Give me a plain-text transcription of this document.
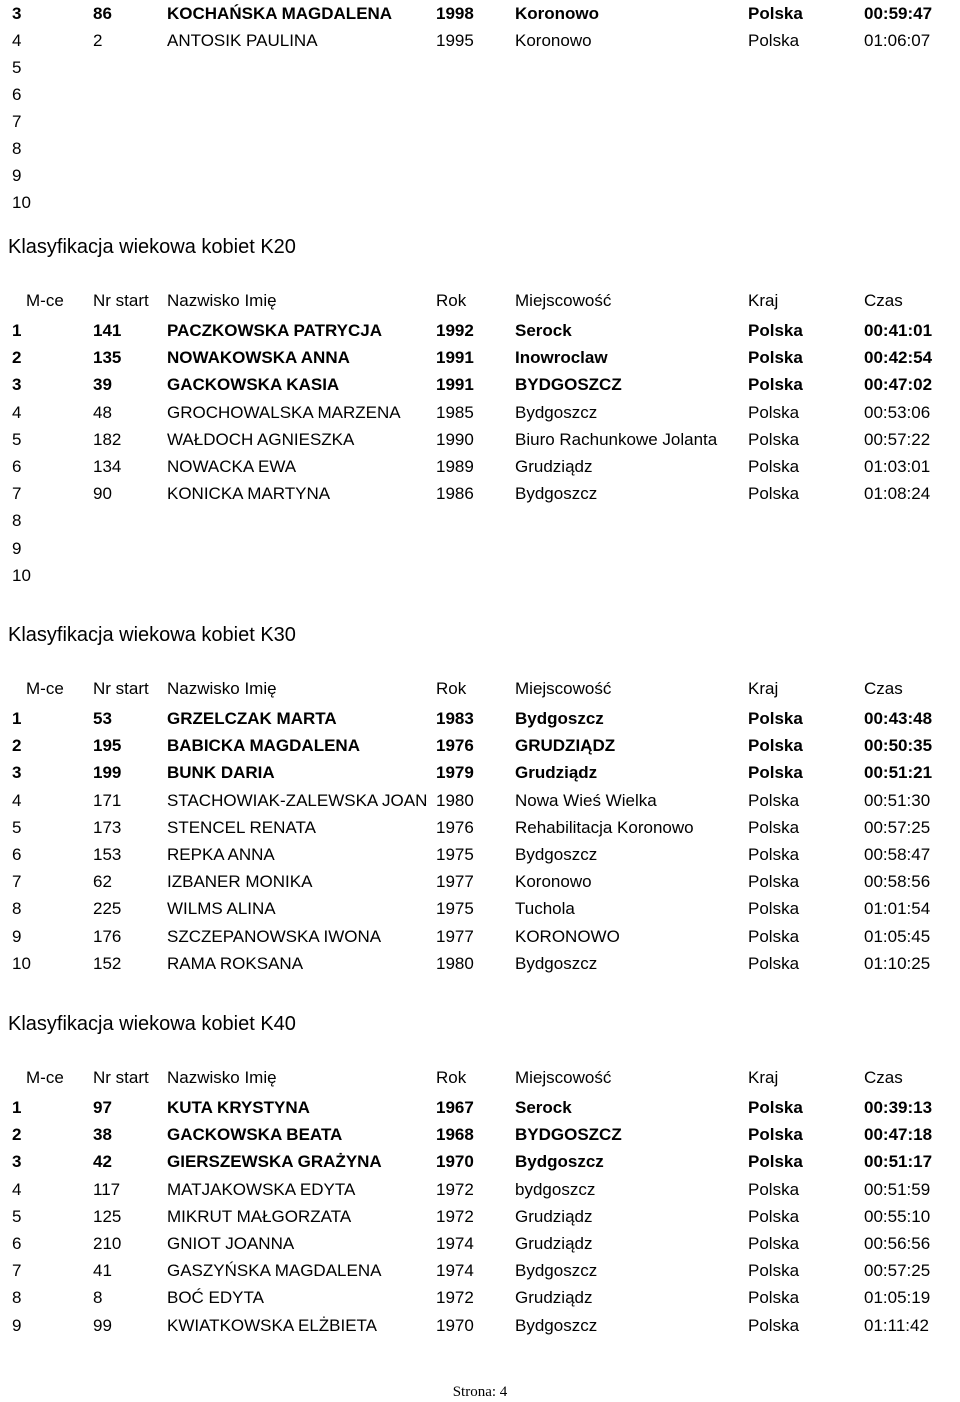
3	86	KOCHAŃSKA MAGDALENA	1998	Koronowo	Polska	00:59:47
4	2	ANTOSIK PAULINA	1995	Koronowo	Polska	01:06:07
5
6
7
8
9
10
Klasyfikacja wiekowa kobiet K20
M-ce	Nr start	Nazwisko Imię	Rok	Miejscowość	Kraj	Czas
1	141	PACZKOWSKA PATRYCJA	1992	Serock	Polska	00:41:01
2	135	NOWAKOWSKA ANNA	1991	Inowroclaw	Polska	00:42:54
3	39	GACKOWSKA KASIA	1991	BYDGOSZCZ	Polska	00:47:02
4	48	GROCHOWALSKA MARZENA	1985	Bydgoszcz	Polska	00:53:06
5	182	WAŁDOCH AGNIESZKA	1990	Biuro Rachunkowe Jolanta	Polska	00:57:22
6	134	NOWACKA EWA	1989	Grudziądz	Polska	01:03:01
7	90	KONICKA MARTYNA	1986	Bydgoszcz	Polska	01:08:24
8
9
10
Klasyfikacja wiekowa kobiet K30
M-ce	Nr start	Nazwisko Imię	Rok	Miejscowość	Kraj	Czas
1	53	GRZELCZAK MARTA	1983	Bydgoszcz	Polska	00:43:48
2	195	BABICKA MAGDALENA	1976	GRUDZIĄDZ	Polska	00:50:35
3	199	BUNK DARIA	1979	Grudziądz	Polska	00:51:21
4	171	STACHOWIAK-ZALEWSKA JOAN 1980	Nowa Wieś Wielka	Polska	00:51:30
5	173	STENCEL RENATA	1976	Rehabilitacja Koronowo	Polska	00:57:25
6	153	REPKA ANNA	1975	Bydgoszcz	Polska	00:58:47
7	62	IZBANER MONIKA	1977	Koronowo	Polska	00:58:56
8	225	WILMS ALINA	1975	Tuchola	Polska	01:01:54
9	176	SZCZEPANOWSKA IWONA	1977	KORONOWO	Polska	01:05:45
10	152	RAMA ROKSANA	1980	Bydgoszcz	Polska	01:10:25
Klasyfikacja wiekowa kobiet K40
M-ce	Nr start	Nazwisko Imię	Rok	Miejscowość	Kraj	Czas
1	97	KUTA KRYSTYNA	1967	Serock	Polska	00:39:13
2	38	GACKOWSKA BEATA	1968	BYDGOSZCZ	Polska	00:47:18
3	42	GIERSZEWSKA GRAŻYNA	1970	Bydgoszcz	Polska	00:51:17
4	117	MATJAKOWSKA EDYTA	1972	bydgoszcz	Polska	00:51:59
5	125	MIKRUT MAŁGORZATA	1972	Grudziądz	Polska	00:55:10
6	210	GNIOT JOANNA	1974	Grudziądz	Polska	00:56:56
7	41	GASZYŃSKA MAGDALENA	1974	Bydgoszcz	Polska	00:57:25
8	8	BOĆ EDYTA	1972	Grudziądz	Polska	01:05:19
9	99	KWIATKOWSKA ELŻBIETA	1970	Bydgoszcz	Polska	01:11:42
Strona: 4
